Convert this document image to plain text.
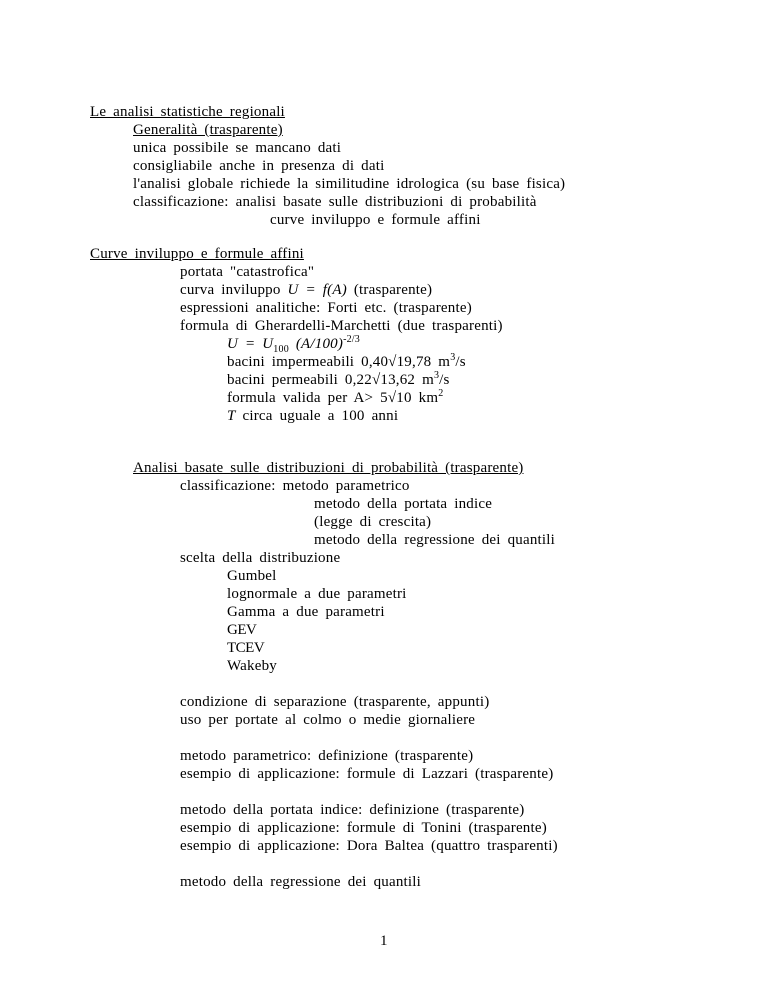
Le analisi statistiche regionali
Generalità (trasparente)
unica possibile se mancano dati
consigliabile anche in presenza di dati
l'analisi globale richiede la similitudine idrologica (su base fisica)
classificazione: analisi basate sulle distribuzioni di probabilità
curve inviluppo e formule affini
Curve inviluppo e formule affini
portata "catastrofica"
curva inviluppo U = f(A) (trasparente)
espressioni analitiche: Forti etc. (trasparente)
formula di Gherardelli-Marchetti (due trasparenti)
$U = U_{100}$ $(A/100)^{-2/3}$
bacini impermeabili 0,40√19,78 $m^3/s$
bacini permeabili 0,22√13,62 $m^3/s$
formula valida per A> 5√10 $km^2$
T circa uguale a 100 anni
Analisi basate sulle distribuzioni di probabilità (trasparente)
classificazione: metodo parametrico
metodo della portata indice
(legge di crescita)
metodo della regressione dei quantili
scelta della distribuzione
Gumbel
lognormale a due parametri
Gamma a due parametri
GEV
TCEV
Wakeby
condizione di separazione (trasparente, appunti)
uso per portate al colmo o medie giornaliere
metodo parametrico: definizione (trasparente)
esempio di applicazione: formule di Lazzari (trasparente)
metodo della portata indice: definizione (trasparente)
esempio di applicazione: formule di Tonini (trasparente)
esempio di applicazione: Dora Baltea (quattro trasparenti)
metodo della regressione dei quantili
1
